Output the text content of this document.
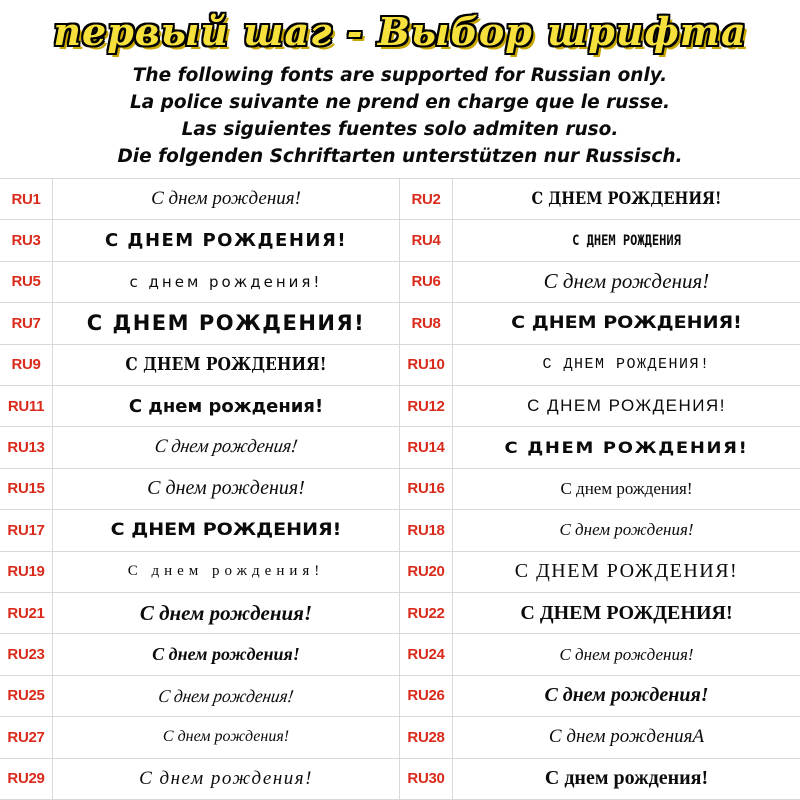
первый шаг - Выбор шрифта
The following fonts are supported for Russian only.
La police suivante ne prend en charge que le russe.
Las siguientes fuentes solo admiten ruso.
Die folgenden Schriftarten unterstützen nur Russisch.
RU1	С днем рождения!	RU2	С ДНЕМ РОЖДЕНИЯ!
RU3	С ДНЕМ РОЖДЕНИЯ!	RU4	С ДНЕМ РОЖДЕНИЯ
RU5	с днем рождения!	RU6	С днем рождения!
RU7	С ДНЕМ РОЖДЕНИЯ!	RU8	С ДНЕМ РОЖДЕНИЯ!
RU9	С ДНЕМ РОЖДЕНИЯ!	RU10	С ДНЕМ РОЖДЕНИЯ!
RU11	С днем рождения!	RU12	С ДНЕМ РОЖДЕНИЯ!
RU13	С днем рождения!	RU14	С ДНЕМ РОЖДЕНИЯ!
RU15	С днем рождения!	RU16	С днем рождения!
RU17	С ДНЕМ РОЖДЕНИЯ!	RU18	С днем рождения!
RU19	С днем рождения!	RU20	С ДНЕМ РОЖДЕНИЯ!
RU21	С днем рождения!	RU22	С ДНЕМ РОЖДЕНИЯ!
RU23	С днем рождения!	RU24	С днем рождения!
RU25	С днем рождения!	RU26	С днем рождения!
RU27	С днем рождения!	RU28	С днем рожденияА
RU29	С днем рождения!	RU30	С днем рождения!
